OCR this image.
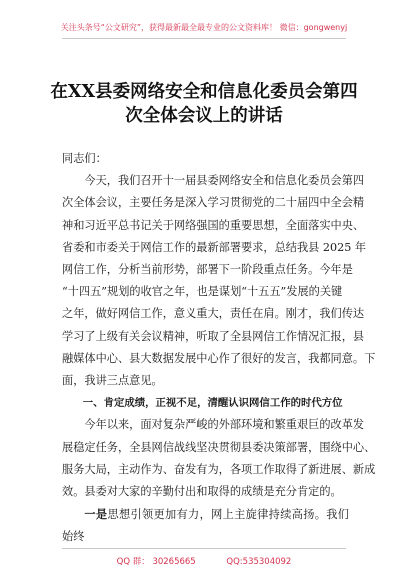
关注头条号“公文研究”，获得最新最全最专业的公文资料库！ 微信：gongwenyj
在XX县委网络安全和信息化委员会第四
次全体会议上的讲话

同志们：

今天，我们召开十一届县委网络安全和信息化委员会第四
次全体会议，主要任务是深入学习贯彻党的二十届四中全会精
神和习近平总书记关于网络强国的重要思想，全面落实中央、
省委和市委关于网信工作的最新部署要求，总结我县 2025 年
网信工作，分析当前形势，部署下一阶段重点任务。今年是
“十四五”规划的收官之年，也是谋划“十五五”发展的关键
之年，做好网信工作，意义重大，责任在肩。刚才，我们传达
学习了上级有关会议精神，听取了全县网信工作情况汇报，县
融媒体中心、县大数据发展中心作了很好的发言，我都同意。下
面，我讲三点意见。

一、肯定成绩，正视不足，清醒认识网信工作的时代方位

今年以来，面对复杂严峻的外部环境和繁重艰巨的改革发
展稳定任务，全县网信战线坚决贯彻县委决策部署，围绕中心、
服务大局，主动作为、奋发有为，各项工作取得了新进展、新成
效。县委对大家的辛勤付出和取得的成绩是充分肯定的。

一是思想引领更加有力，网上主旋律持续高扬。我们始终

QQ 群： 30265665	QQ:535304092
